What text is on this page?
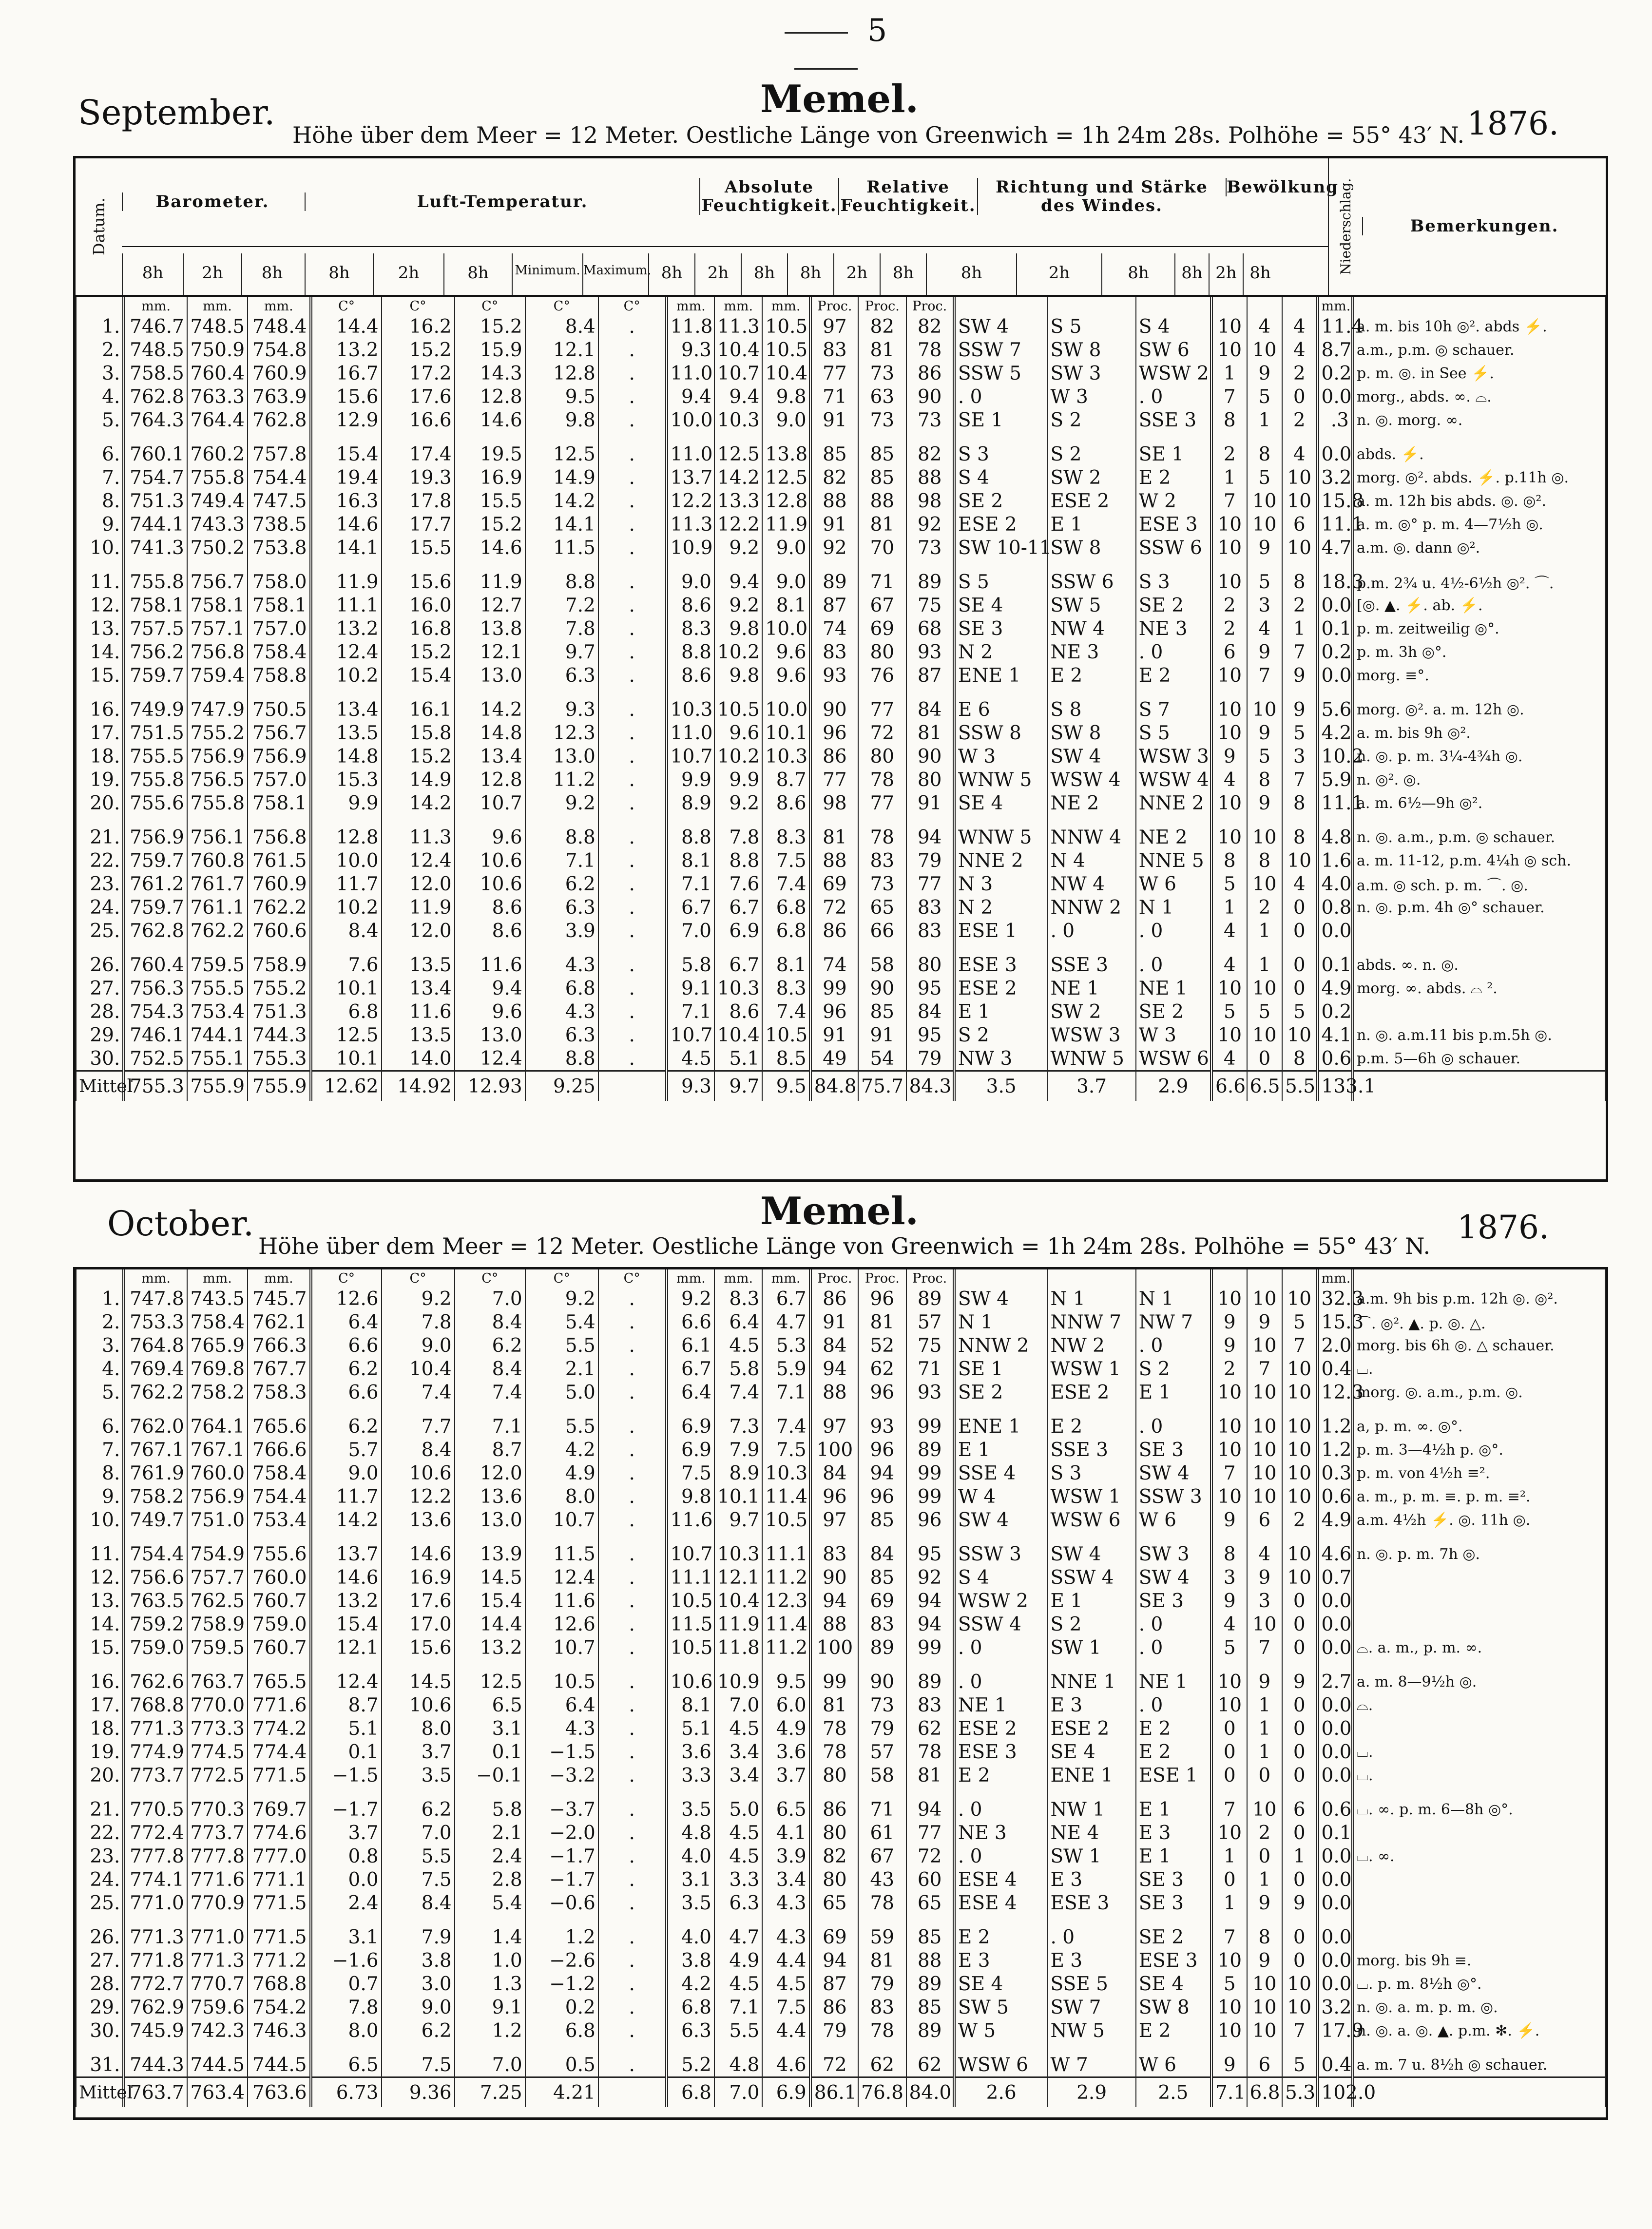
5
September.	Memel.
Höhe über dem Meer = 12 Meter. Oestliche Länge von Greenwich = 1h 24m 28s. Polhöhe = 55° 43′ N. 1876.
Datum.	Barometer.	Luft-Temperatur.
Absolute Feuchtigkeit.
Relative Feuchtigkeit.
Richtung und Stärke des Windes.
Bewölkung
Niederschlag.	Bemerkungen.
8h	2h	8h	8h	2h	8h	Minimum. Maximum. 8h	2h	8h	8h	2h	8h	8h	2h	8h	8h 2h 8h
	mm.	mm.	mm.	C°	C°	C°	C°	C°	mm.	mm.	mm.	Proc.	Proc.	Proc.							mm.	
1.	746.7	748.5	748.4	14.4	16.2	15.2	8.4	.	11.8	11.3	10.5	97	82	82	SW 4	S 5	S 4	10	4	4	11.4	a. m. bis 10h ◎². abds ⚡.
2.	748.5	750.9	754.8	13.2	15.2	15.9	12.1	.	9.3	10.4	10.5	83	81	78	SSW 7	SW 8	SW 6	10	10	4	8.7	a.m., p.m. ◎ schauer.
3.	758.5	760.4	760.9	16.7	17.2	14.3	12.8	.	11.0	10.7	10.4	77	73	86	SSW 5	SW 3	WSW 2	1	9	2	0.2	p. m. ◎. in See ⚡.
4.	762.8	763.3	763.9	15.6	17.6	12.8	9.5	.	9.4	9.4	9.8	71	63	90	. 0	W 3	. 0	7	5	0	0.0	morg., abds. ∞. ⌓.
5.	764.3	764.4	762.8	12.9	16.6	14.6	9.8	.	10.0	10.3	9.0	91	73	73	SE 1	S 2	SSE 3	8	1	2	.3	n. ◎. morg. ∞.
6.	760.1	760.2	757.8	15.4	17.4	19.5	12.5	.	11.0	12.5	13.8	85	85	82	S 3	S 2	SE 1	2	8	4	0.0	abds. ⚡.
7.	754.7	755.8	754.4	19.4	19.3	16.9	14.9	.	13.7	14.2	12.5	82	85	88	S 4	SW 2	E 2	1	5	10	3.2	morg. ◎². abds. ⚡. p.11h ◎.
8.	751.3	749.4	747.5	16.3	17.8	15.5	14.2	.	12.2	13.3	12.8	88	88	98	SE 2	ESE 2	W 2	7	10	10	15.8	a. m. 12h bis abds. ◎. ◎².
9.	744.1	743.3	738.5	14.6	17.7	15.2	14.1	.	11.3	12.2	11.9	91	81	92	ESE 2	E 1	ESE 3	10	10	6	11.1	a. m. ◎° p. m. 4—7½h ◎.
10.	741.3	750.2	753.8	14.1	15.5	14.6	11.5	.	10.9	9.2	9.0	92	70	73	SW 10-11	SW 8	SSW 6	10	9	10	4.7	a.m. ◎. dann ◎².
11.	755.8	756.7	758.0	11.9	15.6	11.9	8.8	.	9.0	9.4	9.0	89	71	89	S 5	SSW 6	S 3	10	5	8	18.3	p.m. 2¾ u. 4½-6½h ◎². ⌒.
12.	758.1	758.1	758.1	11.1	16.0	12.7	7.2	.	8.6	9.2	8.1	87	67	75	SE 4	SW 5	SE 2	2	3	2	0.0	[◎. ▲. ⚡. ab. ⚡.
13.	757.5	757.1	757.0	13.2	16.8	13.8	7.8	.	8.3	9.8	10.0	74	69	68	SE 3	NW 4	NE 3	2	4	1	0.1	p. m. zeitweilig ◎°.
14.	756.2	756.8	758.4	12.4	15.2	12.1	9.7	.	8.8	10.2	9.6	83	80	93	N 2	NE 3	. 0	6	9	7	0.2	p. m. 3h ◎°.
15.	759.7	759.4	758.8	10.2	15.4	13.0	6.3	.	8.6	9.8	9.6	93	76	87	ENE 1	E 2	E 2	10	7	9	0.0	morg. ≡°.
16.	749.9	747.9	750.5	13.4	16.1	14.2	9.3	.	10.3	10.5	10.0	90	77	84	E 6	S 8	S 7	10	10	9	5.6	morg. ◎². a. m. 12h ◎.
17.	751.5	755.2	756.7	13.5	15.8	14.8	12.3	.	11.0	9.6	10.1	96	72	81	SSW 8	SW 8	S 5	10	9	5	4.2	a. m. bis 9h ◎².
18.	755.5	756.9	756.9	14.8	15.2	13.4	13.0	.	10.7	10.2	10.3	86	80	90	W 3	SW 4	WSW 3	9	5	3	10.2	n. ◎. p. m. 3¼-4¾h ◎.
19.	755.8	756.5	757.0	15.3	14.9	12.8	11.2	.	9.9	9.9	8.7	77	78	80	WNW 5	WSW 4	WSW 4	4	8	7	5.9	n. ◎². ◎.
20.	755.6	755.8	758.1	9.9	14.2	10.7	9.2	.	8.9	9.2	8.6	98	77	91	SE 4	NE 2	NNE 2	10	9	8	11.1	a. m. 6½—9h ◎².
21.	756.9	756.1	756.8	12.8	11.3	9.6	8.8	.	8.8	7.8	8.3	81	78	94	WNW 5	NNW 4	NE 2	10	10	8	4.8	n. ◎. a.m., p.m. ◎ schauer.
22.	759.7	760.8	761.5	10.0	12.4	10.6	7.1	.	8.1	8.8	7.5	88	83	79	NNE 2	N 4	NNE 5	8	8	10	1.6	a. m. 11-12, p.m. 4¼h ◎ sch.
23.	761.2	761.7	760.9	11.7	12.0	10.6	6.2	.	7.1	7.6	7.4	69	73	77	N 3	NW 4	W 6	5	10	4	4.0	a.m. ◎ sch. p. m. ⌒. ◎.
24.	759.7	761.1	762.2	10.2	11.9	8.6	6.3	.	6.7	6.7	6.8	72	65	83	N 2	NNW 2	N 1	1	2	0	0.8	n. ◎. p.m. 4h ◎° schauer.
25.	762.8	762.2	760.6	8.4	12.0	8.6	3.9	.	7.0	6.9	6.8	86	66	83	ESE 1	. 0	. 0	4	1	0	0.0	
26.	760.4	759.5	758.9	7.6	13.5	11.6	4.3	.	5.8	6.7	8.1	74	58	80	ESE 3	SSE 3	. 0	4	1	0	0.1	abds. ∞. n. ◎.
27.	756.3	755.5	755.2	10.1	13.4	9.4	6.8	.	9.1	10.3	8.3	99	90	95	ESE 2	NE 1	NE 1	10	10	0	4.9	morg. ∞. abds. ⌓ ².
28.	754.3	753.4	751.3	6.8	11.6	9.6	4.3	.	7.1	8.6	7.4	96	85	84	E 1	SW 2	SE 2	5	5	5	0.2	
29.	746.1	744.1	744.3	12.5	13.5	13.0	6.3	.	10.7	10.4	10.5	91	91	95	S 2	WSW 3	W 3	10	10	10	4.1	n. ◎. a.m.11 bis p.m.5h ◎.
30.	752.5	755.1	755.3	10.1	14.0	12.4	8.8	.	4.5	5.1	8.5	49	54	79	NW 3	WNW 5	WSW 6	4	0	8	0.6	p.m. 5—6h ◎ schauer.
Mittel	755.3	755.9	755.9	12.62	14.92	12.93	9.25		9.3	9.7	9.5	84.8	75.7	84.3	3.5	3.7	2.9	6.6	6.5	5.5	133.1	
October.	Memel.
Höhe über dem Meer = 12 Meter. Oestliche Länge von Greenwich = 1h 24m 28s. Polhöhe = 55° 43′ N. 1876.
	mm.	mm.	mm.	C°	C°	C°	C°	C°	mm.	mm.	mm.	Proc.	Proc.	Proc.							mm.	
1.	747.8	743.5	745.7	12.6	9.2	7.0	9.2	.	9.2	8.3	6.7	86	96	89	SW 4	N 1	N 1	10	10	10	32.3	a.m. 9h bis p.m. 12h ◎. ◎².
2.	753.3	758.4	762.1	6.4	7.8	8.4	5.4	.	6.6	6.4	4.7	91	81	57	N 1	NNW 7	NW 7	9	9	5	15.3	⌒. ◎². ▲. p. ◎. △.
3.	764.8	765.9	766.3	6.6	9.0	6.2	5.5	.	6.1	4.5	5.3	84	52	75	NNW 2	NW 2	. 0	9	10	7	2.0	morg. bis 6h ◎. △ schauer.
4.	769.4	769.8	767.7	6.2	10.4	8.4	2.1	.	6.7	5.8	5.9	94	62	71	SE 1	WSW 1	S 2	2	7	10	0.4	⌴.
5.	762.2	758.2	758.3	6.6	7.4	7.4	5.0	.	6.4	7.4	7.1	88	96	93	SE 2	ESE 2	E 1	10	10	10	12.3	morg. ◎. a.m., p.m. ◎.
6.	762.0	764.1	765.6	6.2	7.7	7.1	5.5	.	6.9	7.3	7.4	97	93	99	ENE 1	E 2	. 0	10	10	10	1.2	a, p. m. ∞. ◎°.
7.	767.1	767.1	766.6	5.7	8.4	8.7	4.2	.	6.9	7.9	7.5	100	96	89	E 1	SSE 3	SE 3	10	10	10	1.2	p. m. 3—4½h p. ◎°.
8.	761.9	760.0	758.4	9.0	10.6	12.0	4.9	.	7.5	8.9	10.3	84	94	99	SSE 4	S 3	SW 4	7	10	10	0.3	p. m. von 4½h ≡².
9.	758.2	756.9	754.4	11.7	12.2	13.6	8.0	.	9.8	10.1	11.4	96	96	99	W 4	WSW 1	SSW 3	10	10	10	0.6	a. m., p. m. ≡. p. m. ≡².
10.	749.7	751.0	753.4	14.2	13.6	13.0	10.7	.	11.6	9.7	10.5	97	85	96	SW 4	WSW 6	W 6	9	6	2	4.9	a.m. 4½h ⚡. ◎. 11h ◎.
11.	754.4	754.9	755.6	13.7	14.6	13.9	11.5	.	10.7	10.3	11.1	83	84	95	SSW 3	SW 4	SW 3	8	4	10	4.6	n. ◎. p. m. 7h ◎.
12.	756.6	757.7	760.0	14.6	16.9	14.5	12.4	.	11.1	12.1	11.2	90	85	92	S 4	SSW 4	SW 4	3	9	10	0.7	
13.	763.5	762.5	760.7	13.2	17.6	15.4	11.6	.	10.5	10.4	12.3	94	69	94	WSW 2	E 1	SE 3	9	3	0	0.0	
14.	759.2	758.9	759.0	15.4	17.0	14.4	12.6	.	11.5	11.9	11.4	88	83	94	SSW 4	S 2	. 0	4	10	0	0.0	
15.	759.0	759.5	760.7	12.1	15.6	13.2	10.7	.	10.5	11.8	11.2	100	89	99	. 0	SW 1	. 0	5	7	0	0.0	⌓. a. m., p. m. ∞.
16.	762.6	763.7	765.5	12.4	14.5	12.5	10.5	.	10.6	10.9	9.5	99	90	89	. 0	NNE 1	NE 1	10	9	9	2.7	a. m. 8—9½h ◎.
17.	768.8	770.0	771.6	8.7	10.6	6.5	6.4	.	8.1	7.0	6.0	81	73	83	NE 1	E 3	. 0	10	1	0	0.0	⌓.
18.	771.3	773.3	774.2	5.1	8.0	3.1	4.3	.	5.1	4.5	4.9	78	79	62	ESE 2	ESE 2	E 2	0	1	0	0.0	
19.	774.9	774.5	774.4	0.1	3.7	0.1	−1.5	.	3.6	3.4	3.6	78	57	78	ESE 3	SE 4	E 2	0	1	0	0.0	⌴.
20.	773.7	772.5	771.5	−1.5	3.5	−0.1	−3.2	.	3.3	3.4	3.7	80	58	81	E 2	ENE 1	ESE 1	0	0	0	0.0	⌴.
21.	770.5	770.3	769.7	−1.7	6.2	5.8	−3.7	.	3.5	5.0	6.5	86	71	94	. 0	NW 1	E 1	7	10	6	0.6	⌴. ∞. p. m. 6—8h ◎°.
22.	772.4	773.7	774.6	3.7	7.0	2.1	−2.0	.	4.8	4.5	4.1	80	61	77	NE 3	NE 4	E 3	10	2	0	0.1	
23.	777.8	777.8	777.0	0.8	5.5	2.4	−1.7	.	4.0	4.5	3.9	82	67	72	. 0	SW 1	E 1	1	0	1	0.0	⌴. ∞.
24.	774.1	771.6	771.1	0.0	7.5	2.8	−1.7	.	3.1	3.3	3.4	80	43	60	ESE 4	E 3	SE 3	0	1	0	0.0	
25.	771.0	770.9	771.5	2.4	8.4	5.4	−0.6	.	3.5	6.3	4.3	65	78	65	ESE 4	ESE 3	SE 3	1	9	9	0.0	
26.	771.3	771.0	771.5	3.1	7.9	1.4	1.2	.	4.0	4.7	4.3	69	59	85	E 2	. 0	SE 2	7	8	0	0.0	
27.	771.8	771.3	771.2	−1.6	3.8	1.0	−2.6	.	3.8	4.9	4.4	94	81	88	E 3	E 3	ESE 3	10	9	0	0.0	morg. bis 9h ≡.
28.	772.7	770.7	768.8	0.7	3.0	1.3	−1.2	.	4.2	4.5	4.5	87	79	89	SE 4	SSE 5	SE 4	5	10	10	0.0	⌴. p. m. 8½h ◎°.
29.	762.9	759.6	754.2	7.8	9.0	9.1	0.2	.	6.8	7.1	7.5	86	83	85	SW 5	SW 7	SW 8	10	10	10	3.2	n. ◎. a. m. p. m. ◎.
30.	745.9	742.3	746.3	8.0	6.2	1.2	6.8	.	6.3	5.5	4.4	79	78	89	W 5	NW 5	E 2	10	10	7	17.9	n. ◎. a. ◎. ▲. p.m. ✻. ⚡.
31.	744.3	744.5	744.5	6.5	7.5	7.0	0.5	.	5.2	4.8	4.6	72	62	62	WSW 6	W 7	W 6	9	6	5	0.4	a. m. 7 u. 8½h ◎ schauer.
Mittel	763.7	763.4	763.6	6.73	9.36	7.25	4.21		6.8	7.0	6.9	86.1	76.8	84.0	2.6	2.9	2.5	7.1	6.8	5.3	102.0	
